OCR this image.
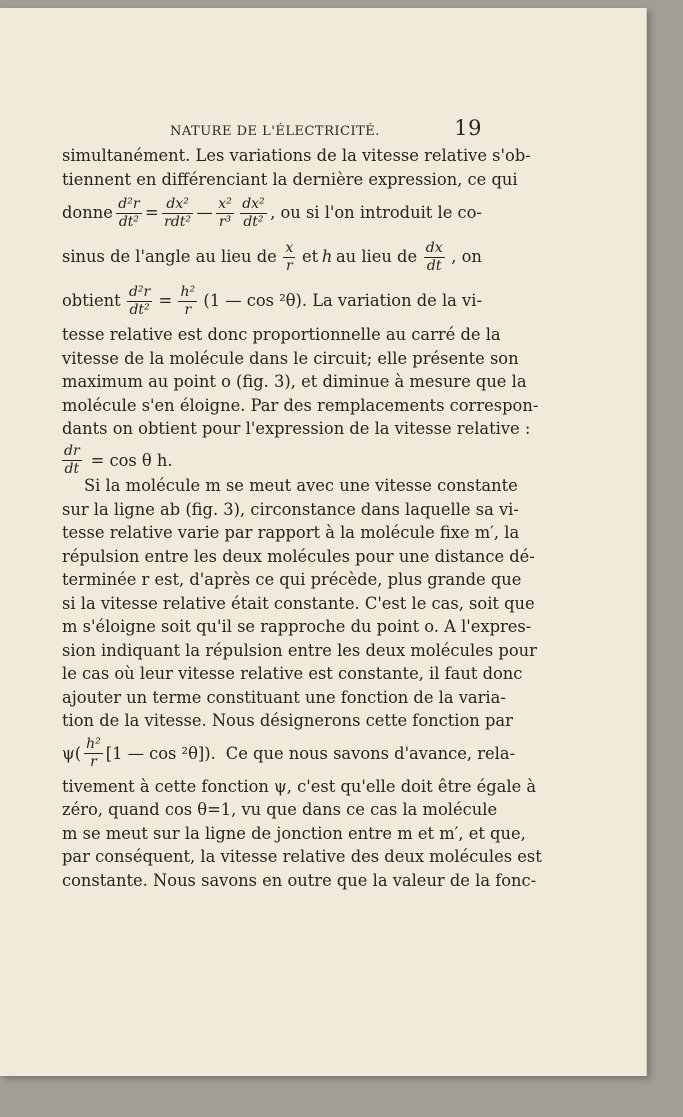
NATURE DE L'ÉLECTRICITÉ.	19
simultanément. Les variations de la vitesse relative s'ob-
tiennent en différenciant la dernière expression, ce qui
donne $\frac{\text{d²r}}{\text{dt²}} = \frac{\text{dx²}}{\text{rdt²}}$ — $\frac{\text{x²}}{\text{r³}} \frac{\text{dx²}}{\text{dt²}}$ , ou si l'on introduit le co-
sinus de l'angle au lieu de $\frac{x}{r}$ et h au lieu de $\frac{dx}{dt}$ , on
obtient $\frac{\text{d²r}}{\text{dt²}} = \frac{\text{h²}}{r} (1$ — cos ²θ). La variation de la vi-
tesse relative est donc proportionnelle au carré de la
vitesse de la molécule dans le circuit; elle présente son
maximum au point o (fig. 3), et diminue à mesure que la
molécule s'en éloigne. Par des remplacements correspon-
dants on obtient pour l'expression de la vitesse relative :
$\frac{dr}{dt} = \cos \theta$ h.
Si la molécule m se meut avec une vitesse constante
sur la ligne ab (fig. 3), circonstance dans laquelle sa vi-
tesse relative varie par rapport à la molécule fixe m′, la
répulsion entre les deux molécules pour une distance dé-
terminée r est, d'après ce qui précède, plus grande que
si la vitesse relative était constante. C'est le cas, soit que
m s'éloigne soit qu'il se rapproche du point o. A l'expres-
sion indiquant la répulsion entre les deux molécules pour
le cas où leur vitesse relative est constante, il faut donc
ajouter un terme constituant une fonction de la varia-
tion de la vitesse. Nous désignerons cette fonction par
$\psi( \frac{\text{h²}}{r} [1$ — cos ²θ]). Ce que nous savons d'avance, rela-
tivement à cette fonction ψ, c'est qu'elle doit être égale à
zéro, quand cos θ=1, vu que dans ce cas la molécule
m se meut sur la ligne de jonction entre m et m′, et que,
par conséquent, la vitesse relative des deux molécules est
constante. Nous savons en outre que la valeur de la fonc-
